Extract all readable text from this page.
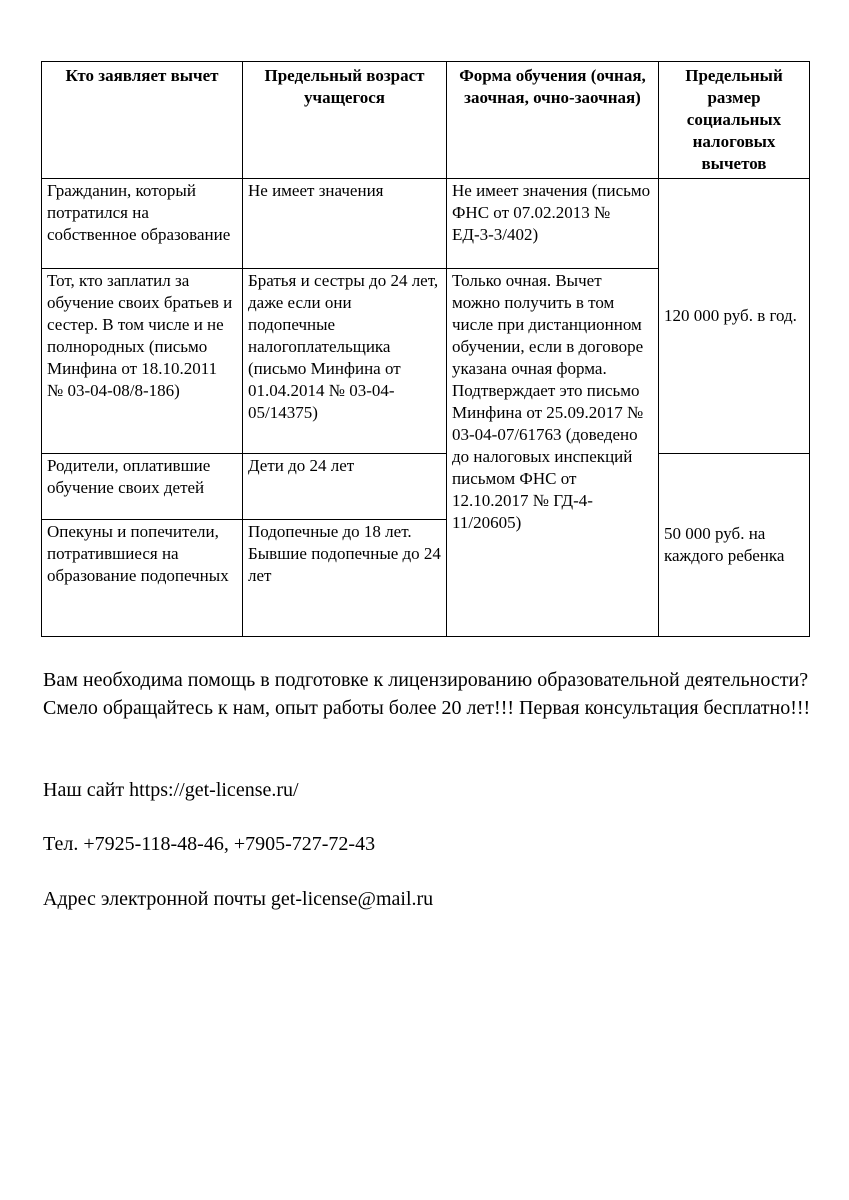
Кто заявляет вычет	Предельный возраст учащегося	Форма обучения (очная, заочная, очно-заочная)	Предельный размер социальных налоговых вычетов
Гражданин, который потратился на собственное образование	Не имеет значения	Не имеет значения (письмо ФНС от 07.02.2013 № ЕД-3-3/402)	120 000 руб. в год.
Тот, кто заплатил за обучение своих братьев и сестер. В том числе и не полнородных (письмо Минфина от 18.10.2011 № 03-04-08/8-186)	Братья и сестры до 24 лет, даже если они подопечные налогоплательщика (письмо Минфина от 01.04.2014 № 03-04-05/14375)	Только очная. Вычет можно получить в том числе при дистанционном обучении, если в договоре указана очная форма. Подтверждает это письмо Минфина от 25.09.2017 № 03-04-07/61763 (доведено до налоговых инспекций письмом ФНС от 12.10.2017 № ГД-4-11/20605)	
Родители, оплатившие обучение своих детей	Дети до 24 лет		50 000 руб. на каждого ребенка
Опекуны и попечители, потратившиеся на образование подопечных	Подопечные до 18 лет. Бывшие подопечные до 24 лет		

Вам необходима помощь в подготовке к лицензированию образовательной деятельности? Смело обращайтесь к нам, опыт работы более 20 лет!!! Первая консультация бесплатно!!!

Наш сайт https://get-license.ru/

Тел. +7925-118-48-46, +7905-727-72-43

Адрес электронной почты get-license@mail.ru
